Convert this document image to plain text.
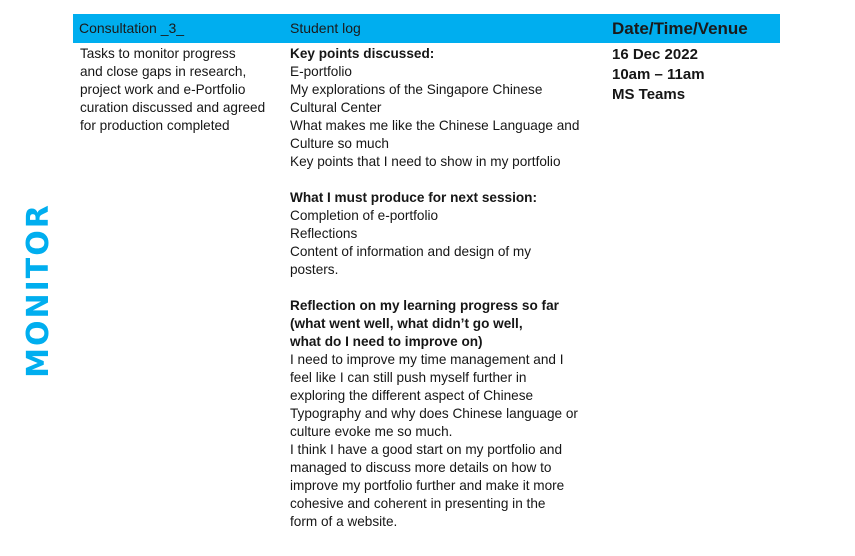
MONITOR
Consultation _3_	Student log	Date/Time/Venue
Tasks to monitor progress
and close gaps in research,
project work and e-Portfolio
curation discussed and agreed
for production completed
Key points discussed:
E-portfolio
My explorations of the Singapore Chinese
Cultural Center
What makes me like the Chinese Language and
Culture so much
Key points that I need to show in my portfolio
What I must produce for next session:
Completion of e-portfolio
Reflections
Content of information and design of my
posters.
Reflection on my learning progress so far
(what went well, what didn’t go well,
what do I need to improve on)
I need to improve my time management and I
feel like I can still push myself further in
exploring the different aspect of Chinese
Typography and why does Chinese language or
culture evoke me so much.
I think I have a good start on my portfolio and
managed to discuss more details on how to
improve my portfolio further and make it more
cohesive and coherent in presenting in the
form of a website.
16 Dec 2022
10am – 11am
MS Teams
